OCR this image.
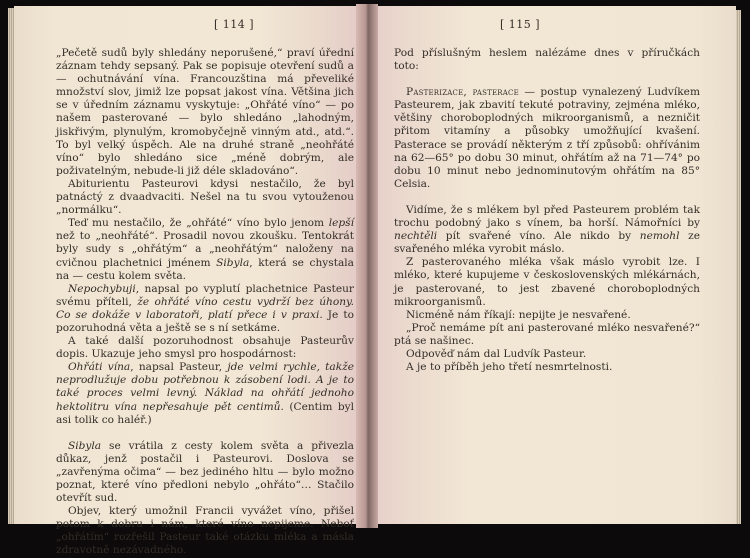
[ 114 ]

„Pečetě sudů byly shledány neporušené,“ praví úřední záznam tehdy sepsaný. Pak se popisuje otevření sudů a — ochutnávání vína. Francouzština má převeliké množství slov, jimiž lze popsat jakost vína. Většina jich se v úředním záznamu vyskytuje: „Ohřáté víno“ — po našem pasterované — bylo shledáno „lahodným, jiskřivým, plynulým, kromobyčejně vinným atd., atd.“. To byl velký úspěch. Ale na druhé straně „neohřáté víno“ bylo shledáno sice „méně dobrým, ale poživatelným, nebude-li již déle skladováno“.

Abiturientu Pasteurovi kdysi nestačilo, že byl patnáctý z dvaadvaciti. Nešel na tu svou vytouženou „normálku“.

Teď mu nestačilo, že „ohřáté“ víno bylo jenom lepší než to „neohřáté“. Prosadil novou zkoušku. Tentokrát byly sudy s „ohřátým“ a „neohřátým“ naloženy na cvičnou plachetnici jménem Sibyla, která se chystala na — cestu kolem světa.

Nepochybuji, napsal po vyplutí plachetnice Pasteur svému příteli, že ohřáté víno cestu vydrží bez úhony. Co se dokáže v laboratoři, platí přece i v praxi. Je to pozoruhodná věta a ještě se s ní setkáme.

A také další pozoruhodnost obsahuje Pasteurův dopis. Ukazuje jeho smysl pro hospodárnost:

Ohřáti vína, napsal Pasteur, jde velmi rychle, takže neprodlužuje dobu potřebnou k zásobení lodi. A je to také proces velmi levný. Náklad na ohřátí jednoho hektolitru vína nepřesahuje pět centimů. (Centim byl asi tolik co haléř.)

Sibyla se vrátila z cesty kolem světa a přivezla důkaz, jenž postačil i Pasteurovi. Doslova se „zavřenýma očima“ — bez jediného hltu — bylo možno poznat, které víno předloni nebylo „ohřáto“… Stačilo otevřít sud.

Objev, který umožnil Francii vyvážet víno, přišel potom k dobru i nám, které víno nepijeme. Neboť „ohřátím“ rozřešil Pasteur také otázku mléka a másla zdravotně nezávadného.

[ 115 ]

Pod příslušným heslem nalézáme dnes v příručkách toto:

Pasterizace, pasterace — postup vynalezený Ludvíkem Pasteurem, jak zbavití tekuté potraviny, zejména mléko, většiny choroboplodných mikroorganismů, a nezničit přitom vitamíny a působky umožňující kvašení. Pasterace se provádí některým z tří způsobů: ohřívánim na 62—65° po dobu 30 minut, ohřátím až na 71—74° po dobu 10 minut nebo jednominutovým ohřátím na 85° Celsia.

Vidíme, že s mlékem byl před Pasteurem problém tak trochu podobný jako s vínem, ba horší. Námořníci by nechtěli pít svařené víno. Ale nikdo by nemohl ze svařeného mléka vyrobit máslo.

Z pasterovaného mléka však máslo vyrobit lze. I mléko, které kupujeme v československých mlékárnách, je pasterované, to jest zbavené choroboplodných mikroorganismů.

Nicméně nám říkají: nepijte je nesvařené.

„Proč nemáme pít ani pasterované mléko nesvařené?“ ptá se našinec.

Odpověď nám dal Ludvík Pasteur.

A je to příběh jeho třetí nesmrtelnosti.
